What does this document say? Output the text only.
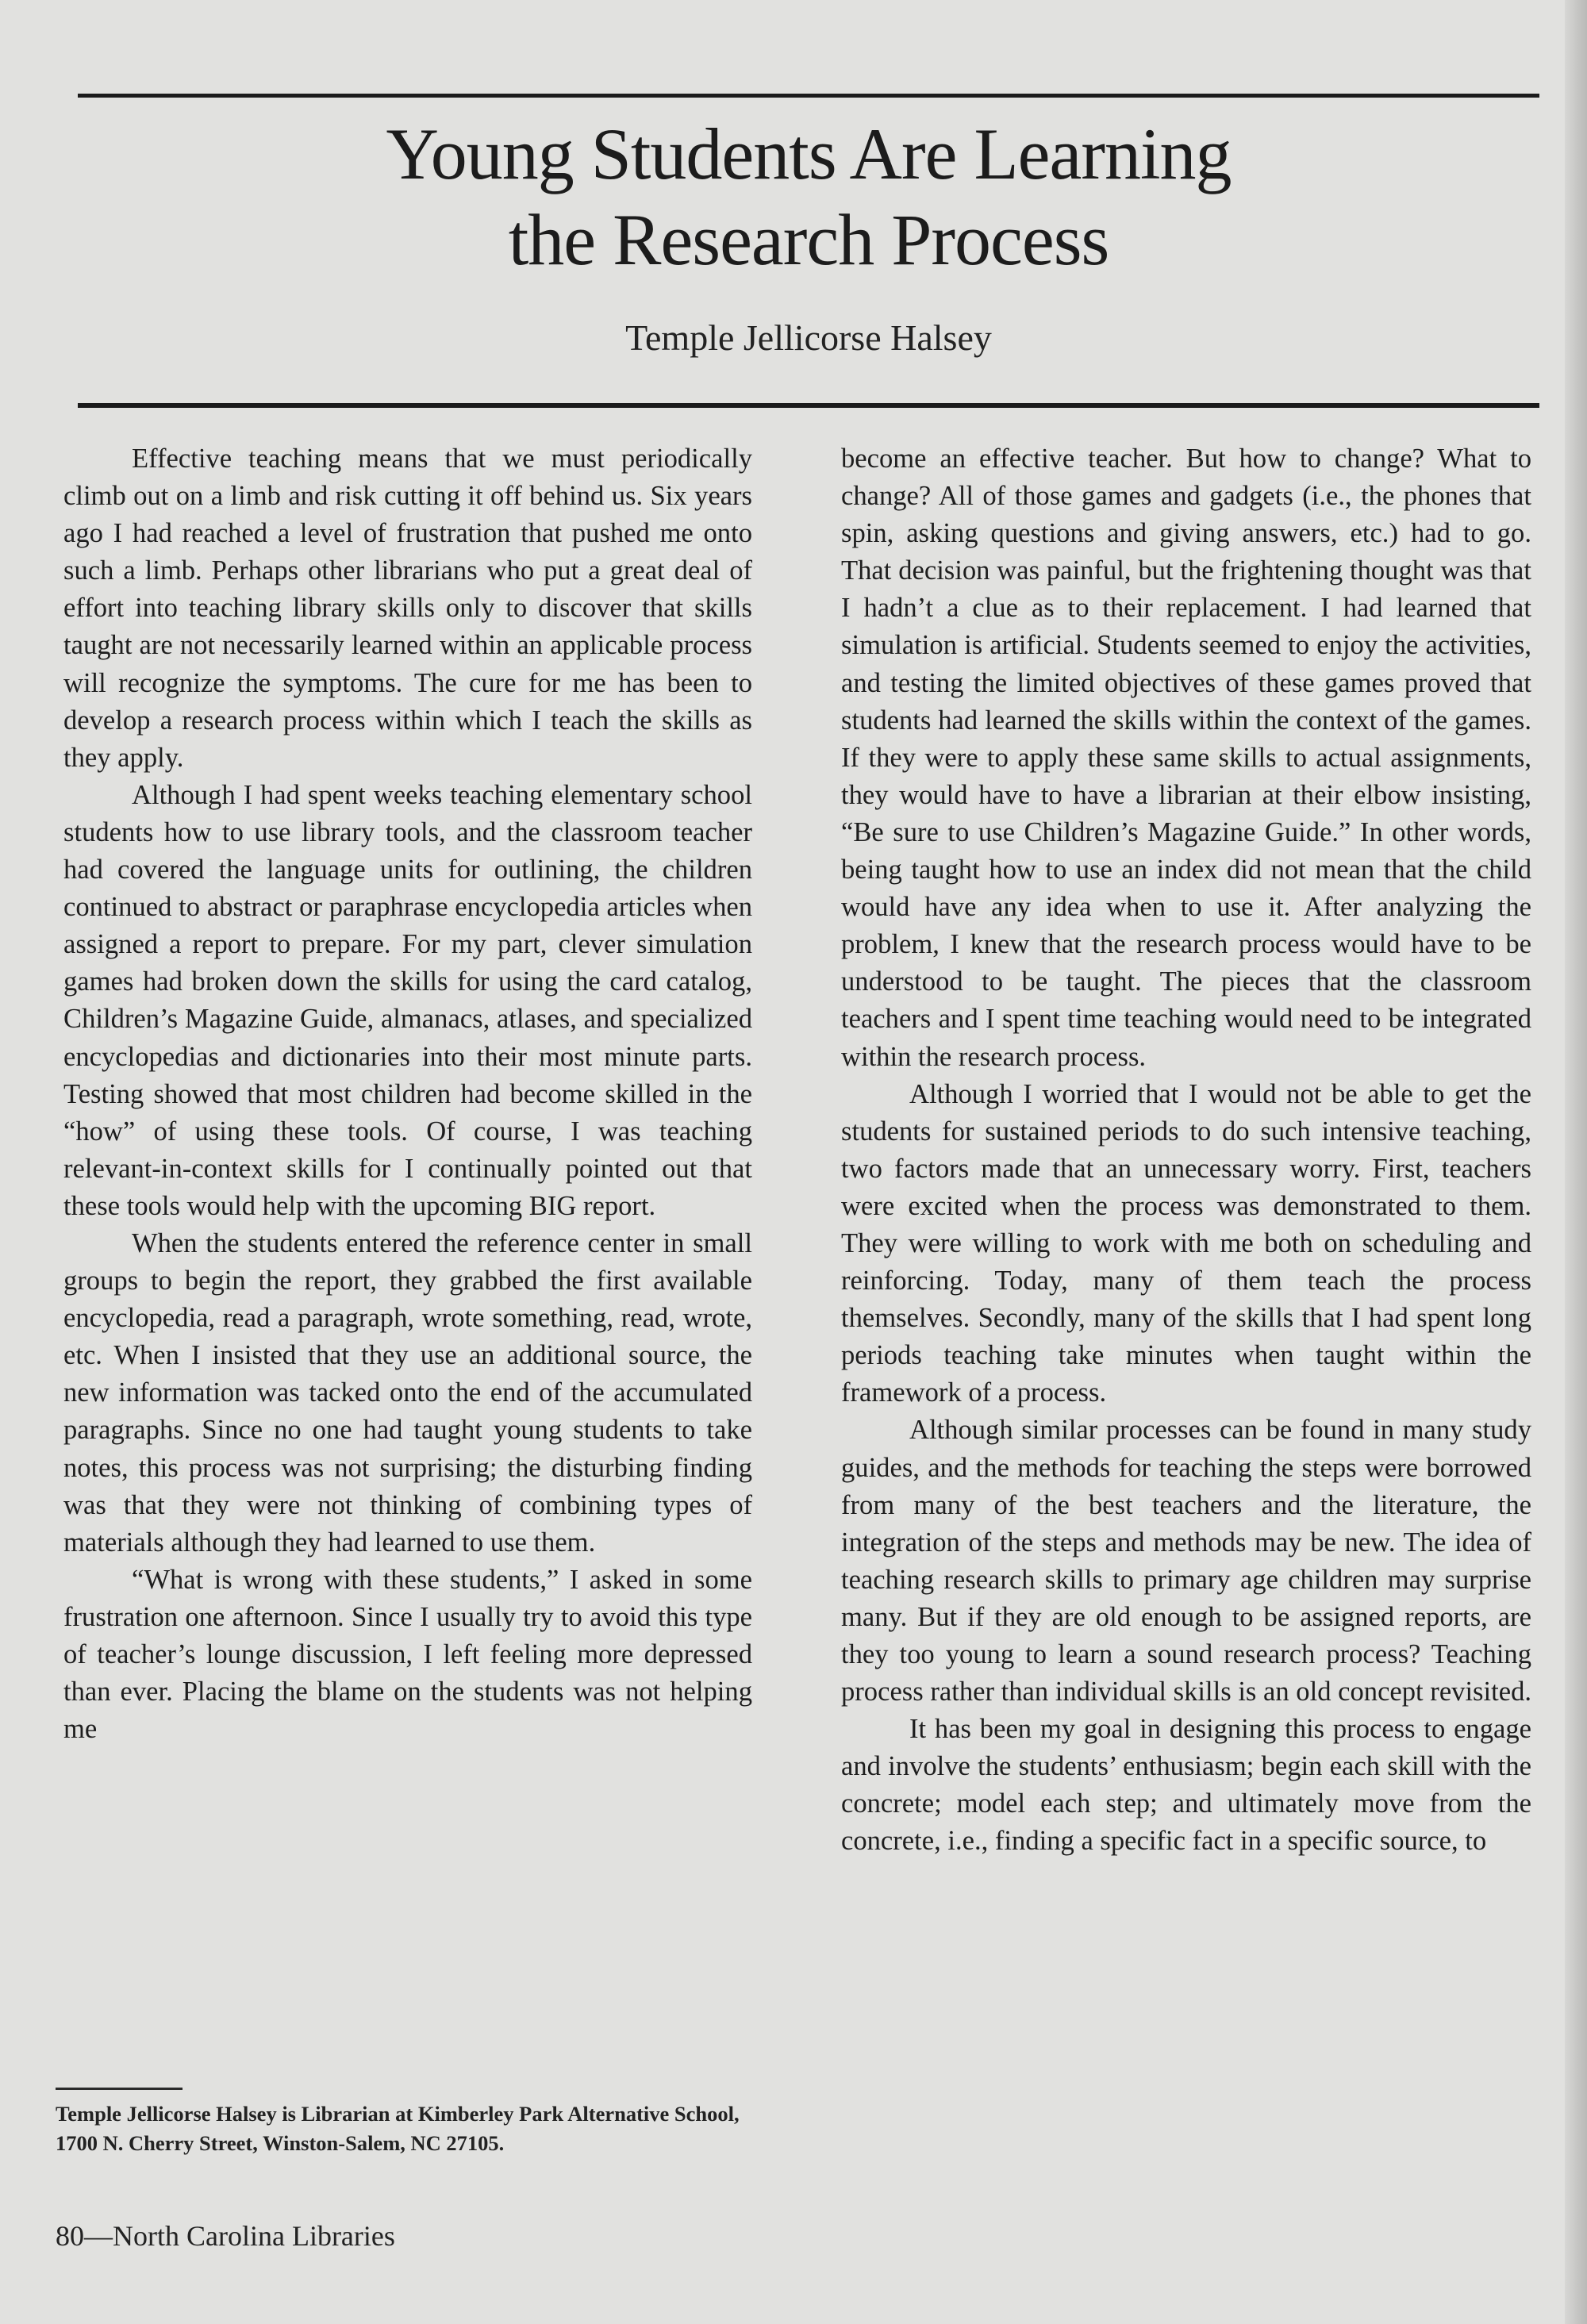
Young Students Are Learning
the Research Process
Temple Jellicorse Halsey

Effective teaching means that we must periodically climb out on a limb and risk cutting it off behind us. Six years ago I had reached a level of frustration that pushed me onto such a limb. Perhaps other librarians who put a great deal of effort into teaching library skills only to discover that skills taught are not necessarily learned within an applicable process will recognize the symptoms. The cure for me has been to develop a research process within which I teach the skills as they apply.

Although I had spent weeks teaching elementary school students how to use library tools, and the classroom teacher had covered the language units for outlining, the children continued to abstract or paraphrase encyclopedia articles when assigned a report to prepare. For my part, clever simulation games had broken down the skills for using the card catalog, Children’s Magazine Guide, almanacs, atlases, and specialized encyclopedias and dictionaries into their most minute parts. Testing showed that most children had become skilled in the “how” of using these tools. Of course, I was teaching relevant-in-context skills for I continually pointed out that these tools would help with the upcoming BIG report.

When the students entered the reference center in small groups to begin the report, they grabbed the first available encyclopedia, read a paragraph, wrote something, read, wrote, etc. When I insisted that they use an additional source, the new information was tacked onto the end of the accumulated paragraphs. Since no one had taught young students to take notes, this process was not surprising; the disturbing finding was that they were not thinking of combining types of materials although they had learned to use them.

“What is wrong with these students,” I asked in some frustration one afternoon. Since I usually try to avoid this type of teacher’s lounge discussion, I left feeling more depressed than ever. Placing the blame on the students was not helping me

become an effective teacher. But how to change? What to change? All of those games and gadgets (i.e., the phones that spin, asking questions and giving answers, etc.) had to go. That decision was painful, but the frightening thought was that I hadn’t a clue as to their replacement. I had learned that simulation is artificial. Students seemed to enjoy the activities, and testing the limited objectives of these games proved that students had learned the skills within the context of the games. If they were to apply these same skills to actual assignments, they would have to have a librarian at their elbow insisting, “Be sure to use Children’s Magazine Guide.” In other words, being taught how to use an index did not mean that the child would have any idea when to use it. After analyzing the problem, I knew that the research process would have to be understood to be taught. The pieces that the classroom teachers and I spent time teaching would need to be integrated within the research process.

Although I worried that I would not be able to get the students for sustained periods to do such intensive teaching, two factors made that an unnecessary worry. First, teachers were excited when the process was demonstrated to them. They were willing to work with me both on scheduling and reinforcing. Today, many of them teach the process themselves. Secondly, many of the skills that I had spent long periods teaching take minutes when taught within the framework of a process.

Although similar processes can be found in many study guides, and the methods for teaching the steps were borrowed from many of the best teachers and the literature, the integration of the steps and methods may be new. The idea of teaching research skills to primary age children may surprise many. But if they are old enough to be assigned reports, are they too young to learn a sound research process? Teaching process rather than individual skills is an old concept revisited.

It has been my goal in designing this process to engage and involve the students’ enthusiasm; begin each skill with the concrete; model each step; and ultimately move from the concrete, i.e., finding a specific fact in a specific source, to

Temple Jellicorse Halsey is Librarian at Kimberley Park Alternative School, 1700 N. Cherry Street, Winston-Salem, NC 27105.
80—North Carolina Libraries
